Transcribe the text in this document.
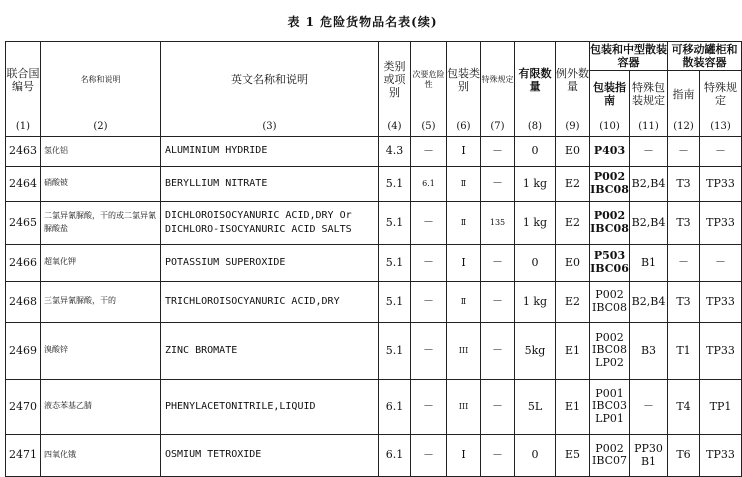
表 1 危险货物品名表(续)
联合国编号	名称和说明	英文名称和说明	类别或项别	次要危险性	包装类别	特殊规定	有限数量	例外数量	包装和中型散装容器		可移动罐柜和散装容器	
									包装指南	特殊包装规定	指南	特殊规定
(1)	(2)	(3)	(4)	(5)	(6)	(7)	(8)	(9)	(10)	(11)	(12)	(13)
2463	氢化铝	ALUMINIUM HYDRIDE	4.3	—	I	—	0	E0	P403	—	—	—
2464	硝酸铍	BERYLLIUM NITRATE	5.1	6.1	Ⅱ	—	1 kg	E2	P002 IBC08	B2,B4	T3	TP33
2465	二氯异氰脲酸，干的或二氯异氰脲酸盐	DICHLOROISOCYANURIC ACID,DRY Or DICHLORO-ISOCYANURIC ACID SALTS	5.1	—	Ⅱ	135	1 kg	E2	P002 IBC08	B2,B4	T3	TP33
2466	超氧化钾	POTASSIUM SUPEROXIDE	5.1	—	I	—	0	E0	P503 IBC06	B1	—	—
2468	三氯异氰脲酸，干的	TRICHLOROISOCYANURIC ACID,DRY	5.1	—	Ⅱ	—	1 kg	E2	P002 IBC08	B2,B4	T3	TP33
2469	溴酸锌	ZINC BROMATE	5.1	—	III	—	5kg	E1	P002 IBC08 LP02	B3	T1	TP33
2470	液态苯基乙腈	PHENYLACETONITRILE,LIQUID	6.1	—	III	—	5L	E1	P001 IBC03 LP01	—	T4	TP1
2471	四氧化锇	OSMIUM TETROXIDE	6.1	—	I	—	0	E5	P002 IBC07	PP30 B1	T6	TP33
